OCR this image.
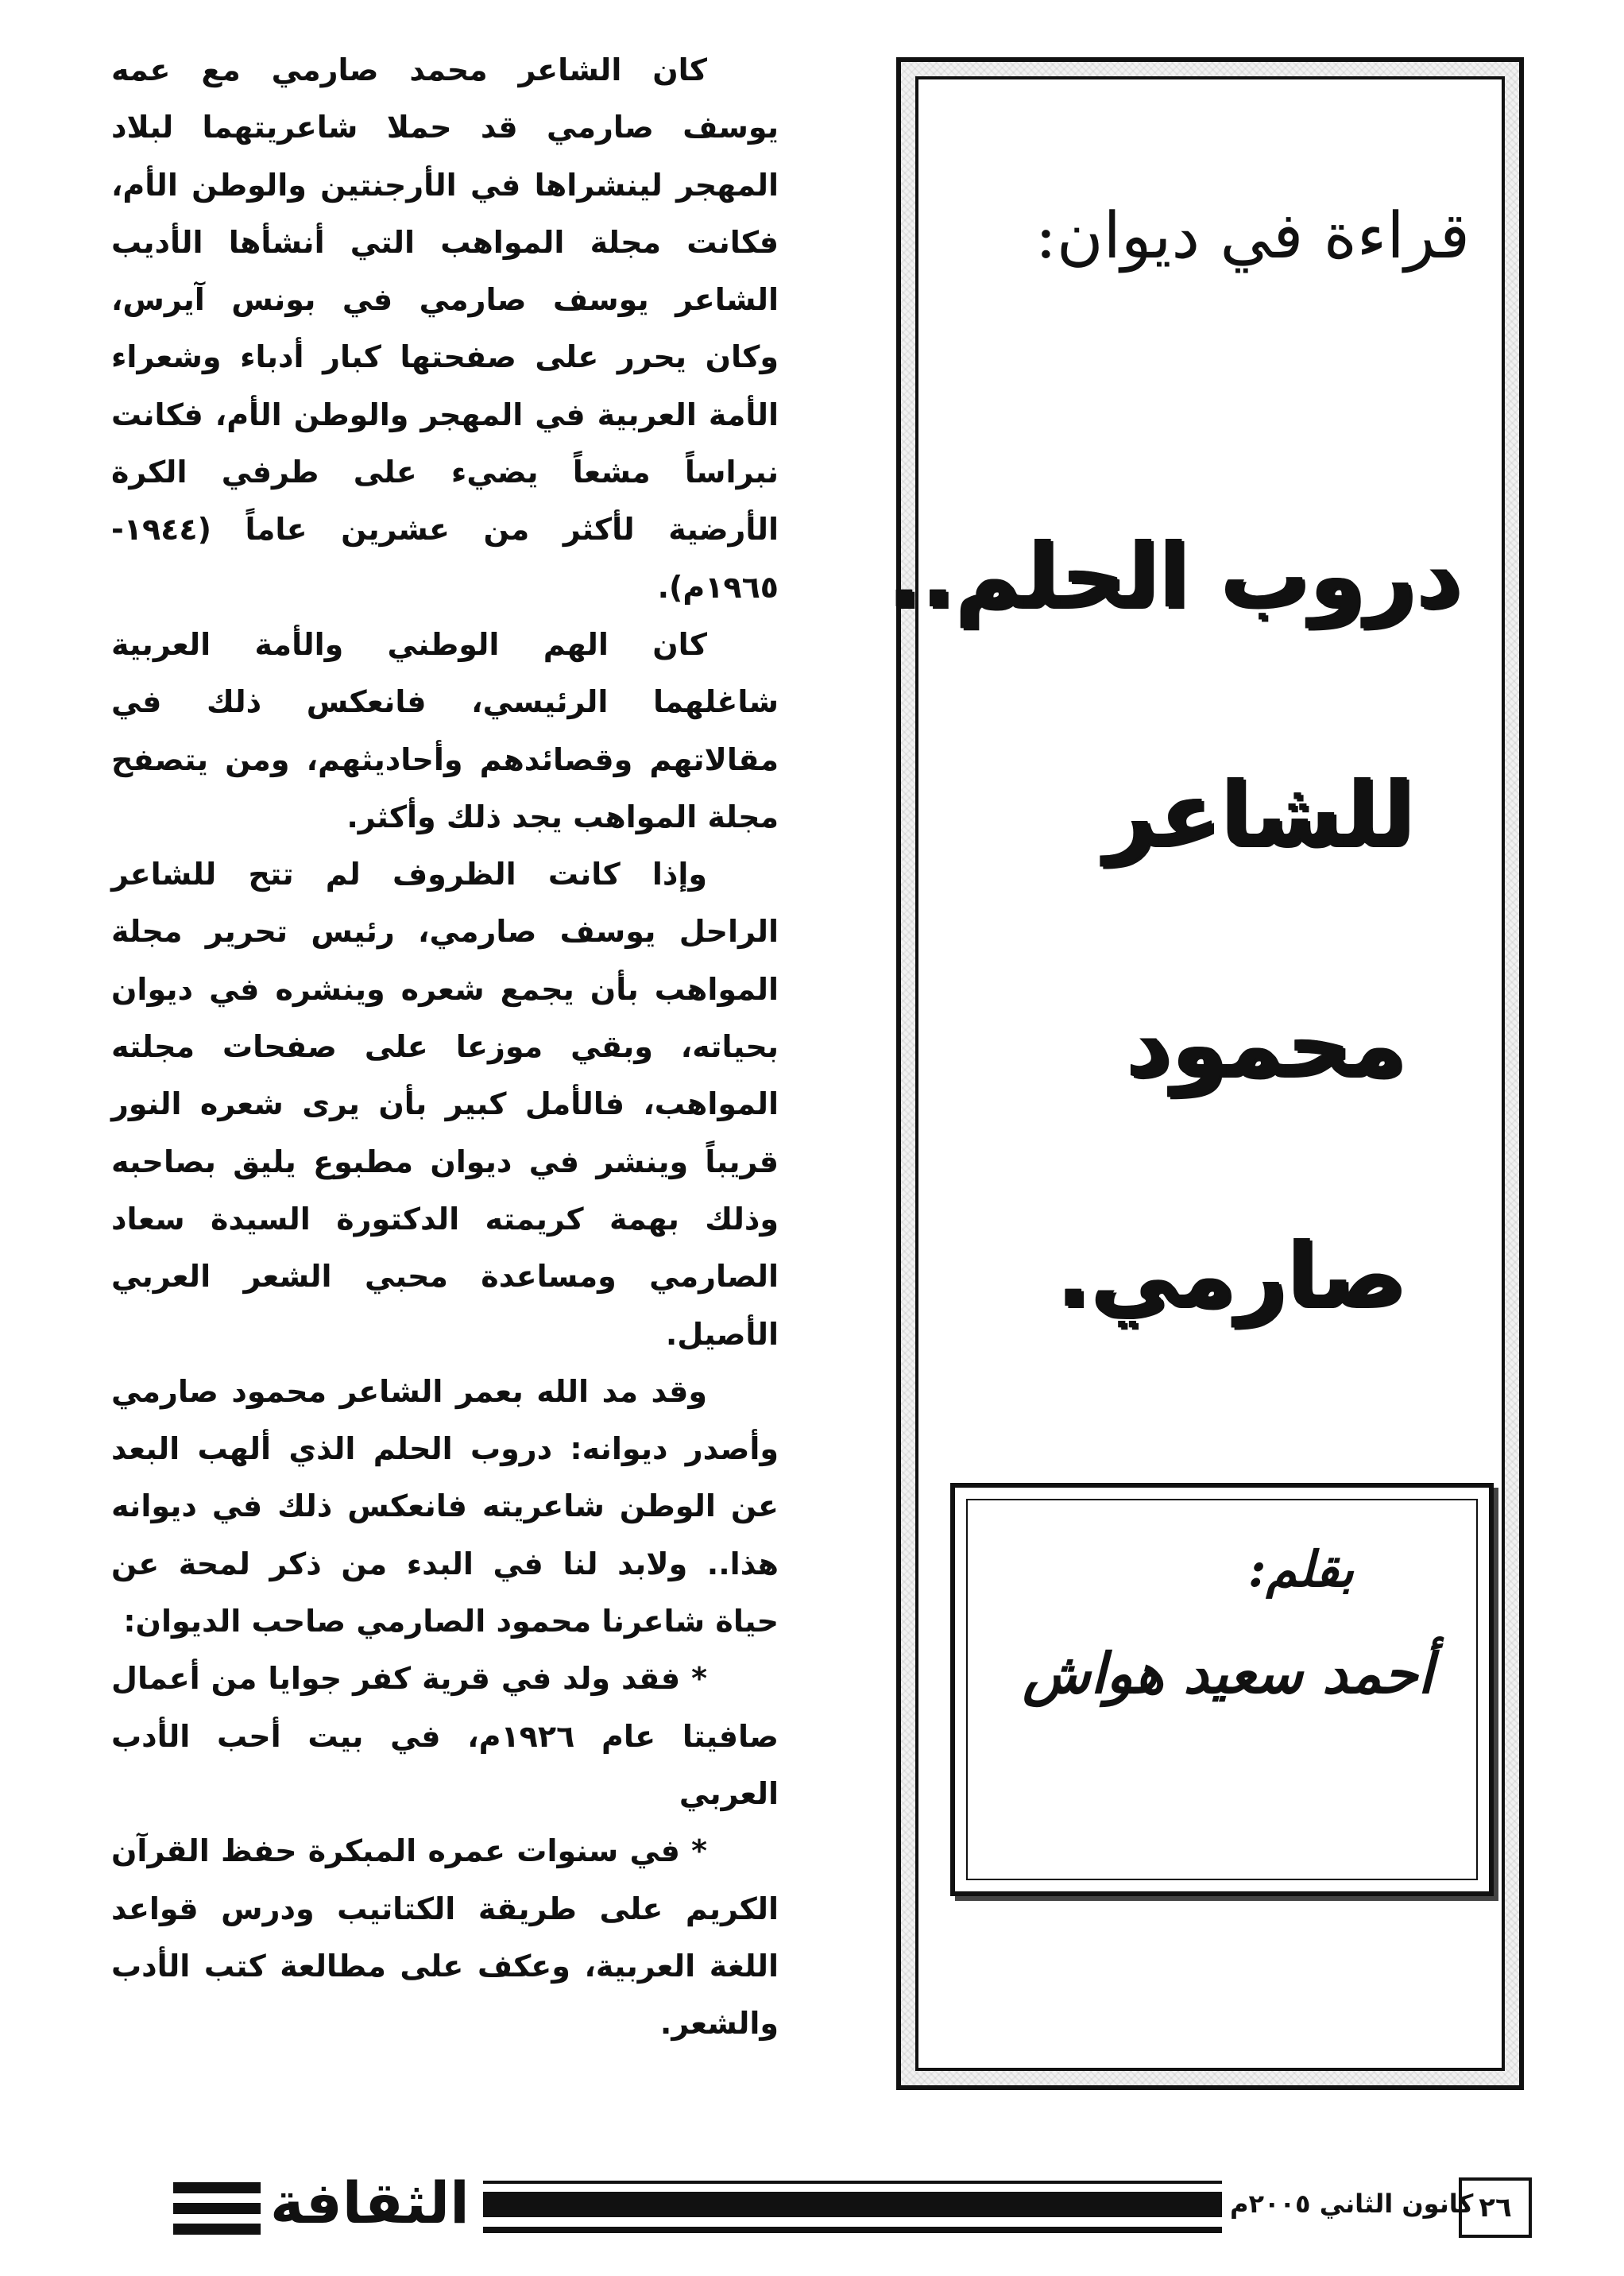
كان الشاعر محمد صارمي مع عمه يوسف صارمي قد حملا شاعريتهما لبلاد المهجر لينشراها في الأرجنتين والوطن الأم، فكانت مجلة المواهب التي أنشأها الأديب الشاعر يوسف صارمي في بونس آيرس، وكان يحرر على صفحتها كبار أدباء وشعراء الأمة العربية في المهجر والوطن الأم، فكانت نبراساً مشعاً يضيء على طرفي الكرة الأرضية لأكثر من عشرين عاماً (١٩٤٤- ١٩٦٥م).

كان الهم الوطني والأمة العربية شاغلهما الرئيسي، فانعكس ذلك في مقالاتهم وقصائدهم وأحاديثهم، ومن يتصفح مجلة المواهب يجد ذلك وأكثر.

وإذا كانت الظروف لم تتح للشاعر الراحل يوسف صارمي، رئيس تحرير مجلة المواهب بأن يجمع شعره وينشره في ديوان بحياته، وبقي موزعا على صفحات مجلته المواهب، فالأمل كبير بأن يرى شعره النور قريباً وينشر في ديوان مطبوع يليق بصاحبه وذلك بهمة كريمته الدكتورة السيدة سعاد الصارمي ومساعدة محبي الشعر العربي الأصيل.

وقد مد الله بعمر الشاعر محمود صارمي وأصدر ديوانه: دروب الحلم الذي ألهب البعد عن الوطن شاعريته فانعكس ذلك في ديوانه هذا.. ولابد لنا في البدء من ذكر لمحة عن حياة شاعرنا محمود الصارمي صاحب الديوان:

* فقد ولد في قرية كفر جوايا من أعمال صافيتا عام ١٩٢٦م، في بيت أحب الأدب العربي

* في سنوات عمره المبكرة حفظ القرآن الكريم على طريقة الكتاتيب ودرس قواعد اللغة العربية، وعكف على مطالعة كتب الأدب والشعر.

قراءة في ديوان:
دروب الحلم..
للشاعر
محمود
صارمي.
بقلم:
أحمد سعيد هواش
الثقافة	كانون الثاني ٢٠٠٥م ٢٦
